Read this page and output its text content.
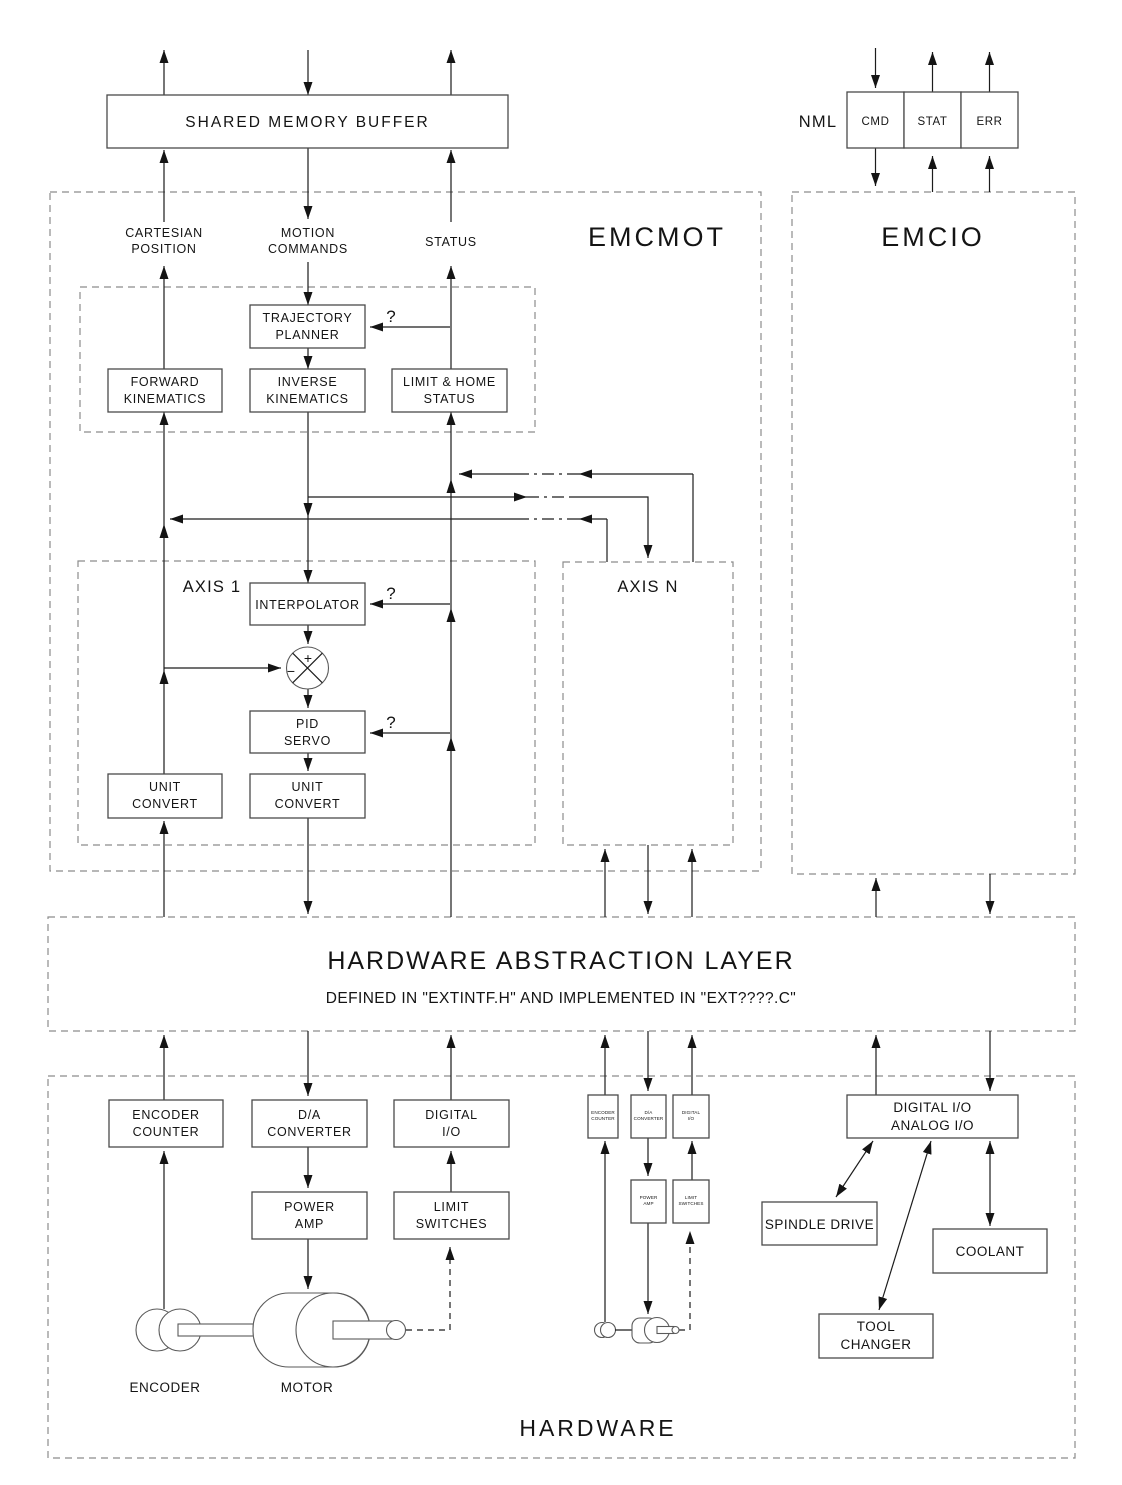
SHARED MEMORY BUFFER	NML CMD STAT	ERR
EMCMOT	EMCIO
CARTESIAN
POSITION
MOTION
COMMANDS	STATUS
TRAJECTORY
PLANNER
?
FORWARD
KINEMATICS
INVERSE
KINEMATICS
LIMIT & HOME
STATUS
AXIS 1	AXIS N
INTERPOLATOR
?
+
−
PID
SERVO
?
UNIT
CONVERT
UNIT
CONVERT
HARDWARE ABSTRACTION LAYER
DEFINED IN "EXTINTF.H" AND IMPLEMENTED IN "EXT????.C"
ENCODER
COUNTER
D/A
CONVERTER
DIGITAL
I/O
POWER
AMP
LIMIT
SWITCHES
ENCODER
COUNTER
D/A
CONVERTER
DIGITAL
I/O
POWER
AMP
LIMIT
SWITCHES
DIGITAL I/O
ANALOG I/O
SPINDLE DRIVE
COOLANT
TOOL
CHANGER
ENCODER	MOTOR
HARDWARE
